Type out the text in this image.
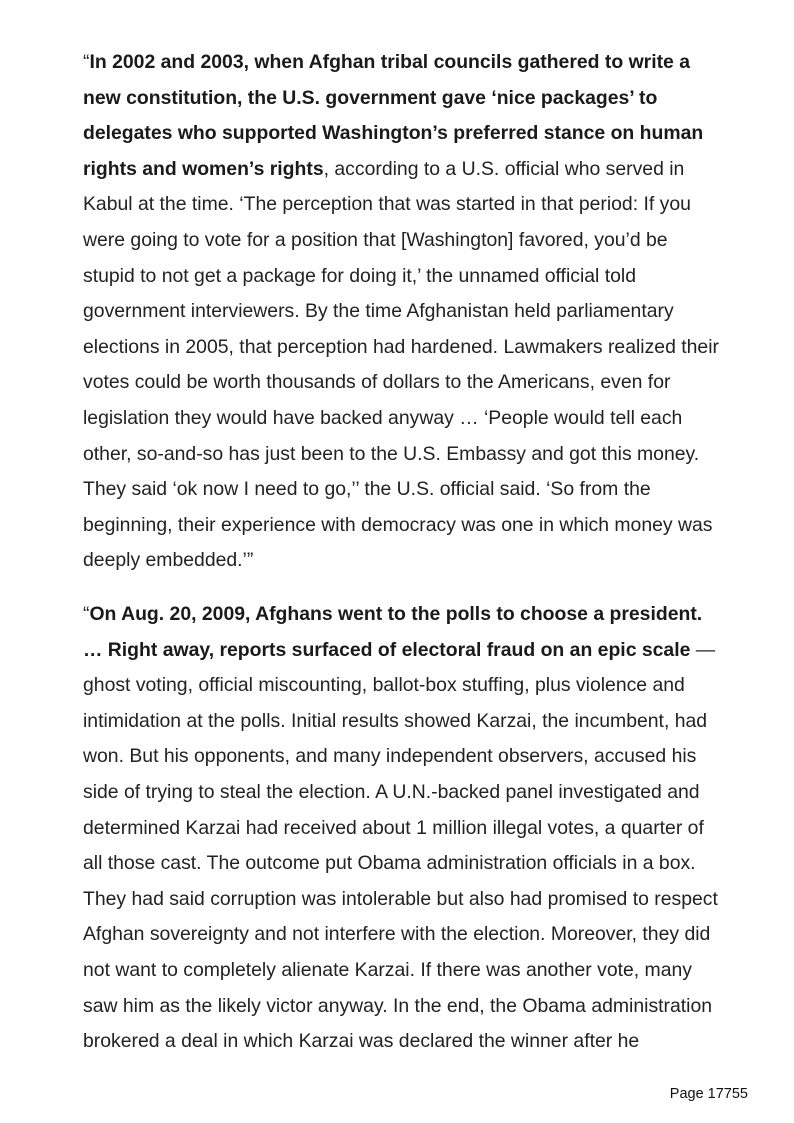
“In 2002 and 2003, when Afghan tribal councils gathered to write a new constitution, the U.S. government gave ‘nice packages’ to delegates who supported Washington’s preferred stance on human rights and women’s rights, according to a U.S. official who served in Kabul at the time. ‘The perception that was started in that period: If you were going to vote for a position that [Washington] favored, you’d be stupid to not get a package for doing it,’ the unnamed official told government interviewers. By the time Afghanistan held parliamentary elections in 2005, that perception had hardened. Lawmakers realized their votes could be worth thousands of dollars to the Americans, even for legislation they would have backed anyway … ‘People would tell each other, so-and-so has just been to the U.S. Embassy and got this money. They said ‘ok now I need to go,’’ the U.S. official said. ‘So from the beginning, their experience with democracy was one in which money was deeply embedded.’”

“On Aug. 20, 2009, Afghans went to the polls to choose a president. … Right away, reports surfaced of electoral fraud on an epic scale — ghost voting, official miscounting, ballot-box stuffing, plus violence and intimidation at the polls. Initial results showed Karzai, the incumbent, had won. But his opponents, and many independent observers, accused his side of trying to steal the election. A U.N.-backed panel investigated and determined Karzai had received about 1 million illegal votes, a quarter of all those cast. The outcome put Obama administration officials in a box. They had said corruption was intolerable but also had promised to respect Afghan sovereignty and not interfere with the election. Moreover, they did not want to completely alienate Karzai. If there was another vote, many saw him as the likely victor anyway. In the end, the Obama administration brokered a deal in which Karzai was declared the winner after he

Page 17755
